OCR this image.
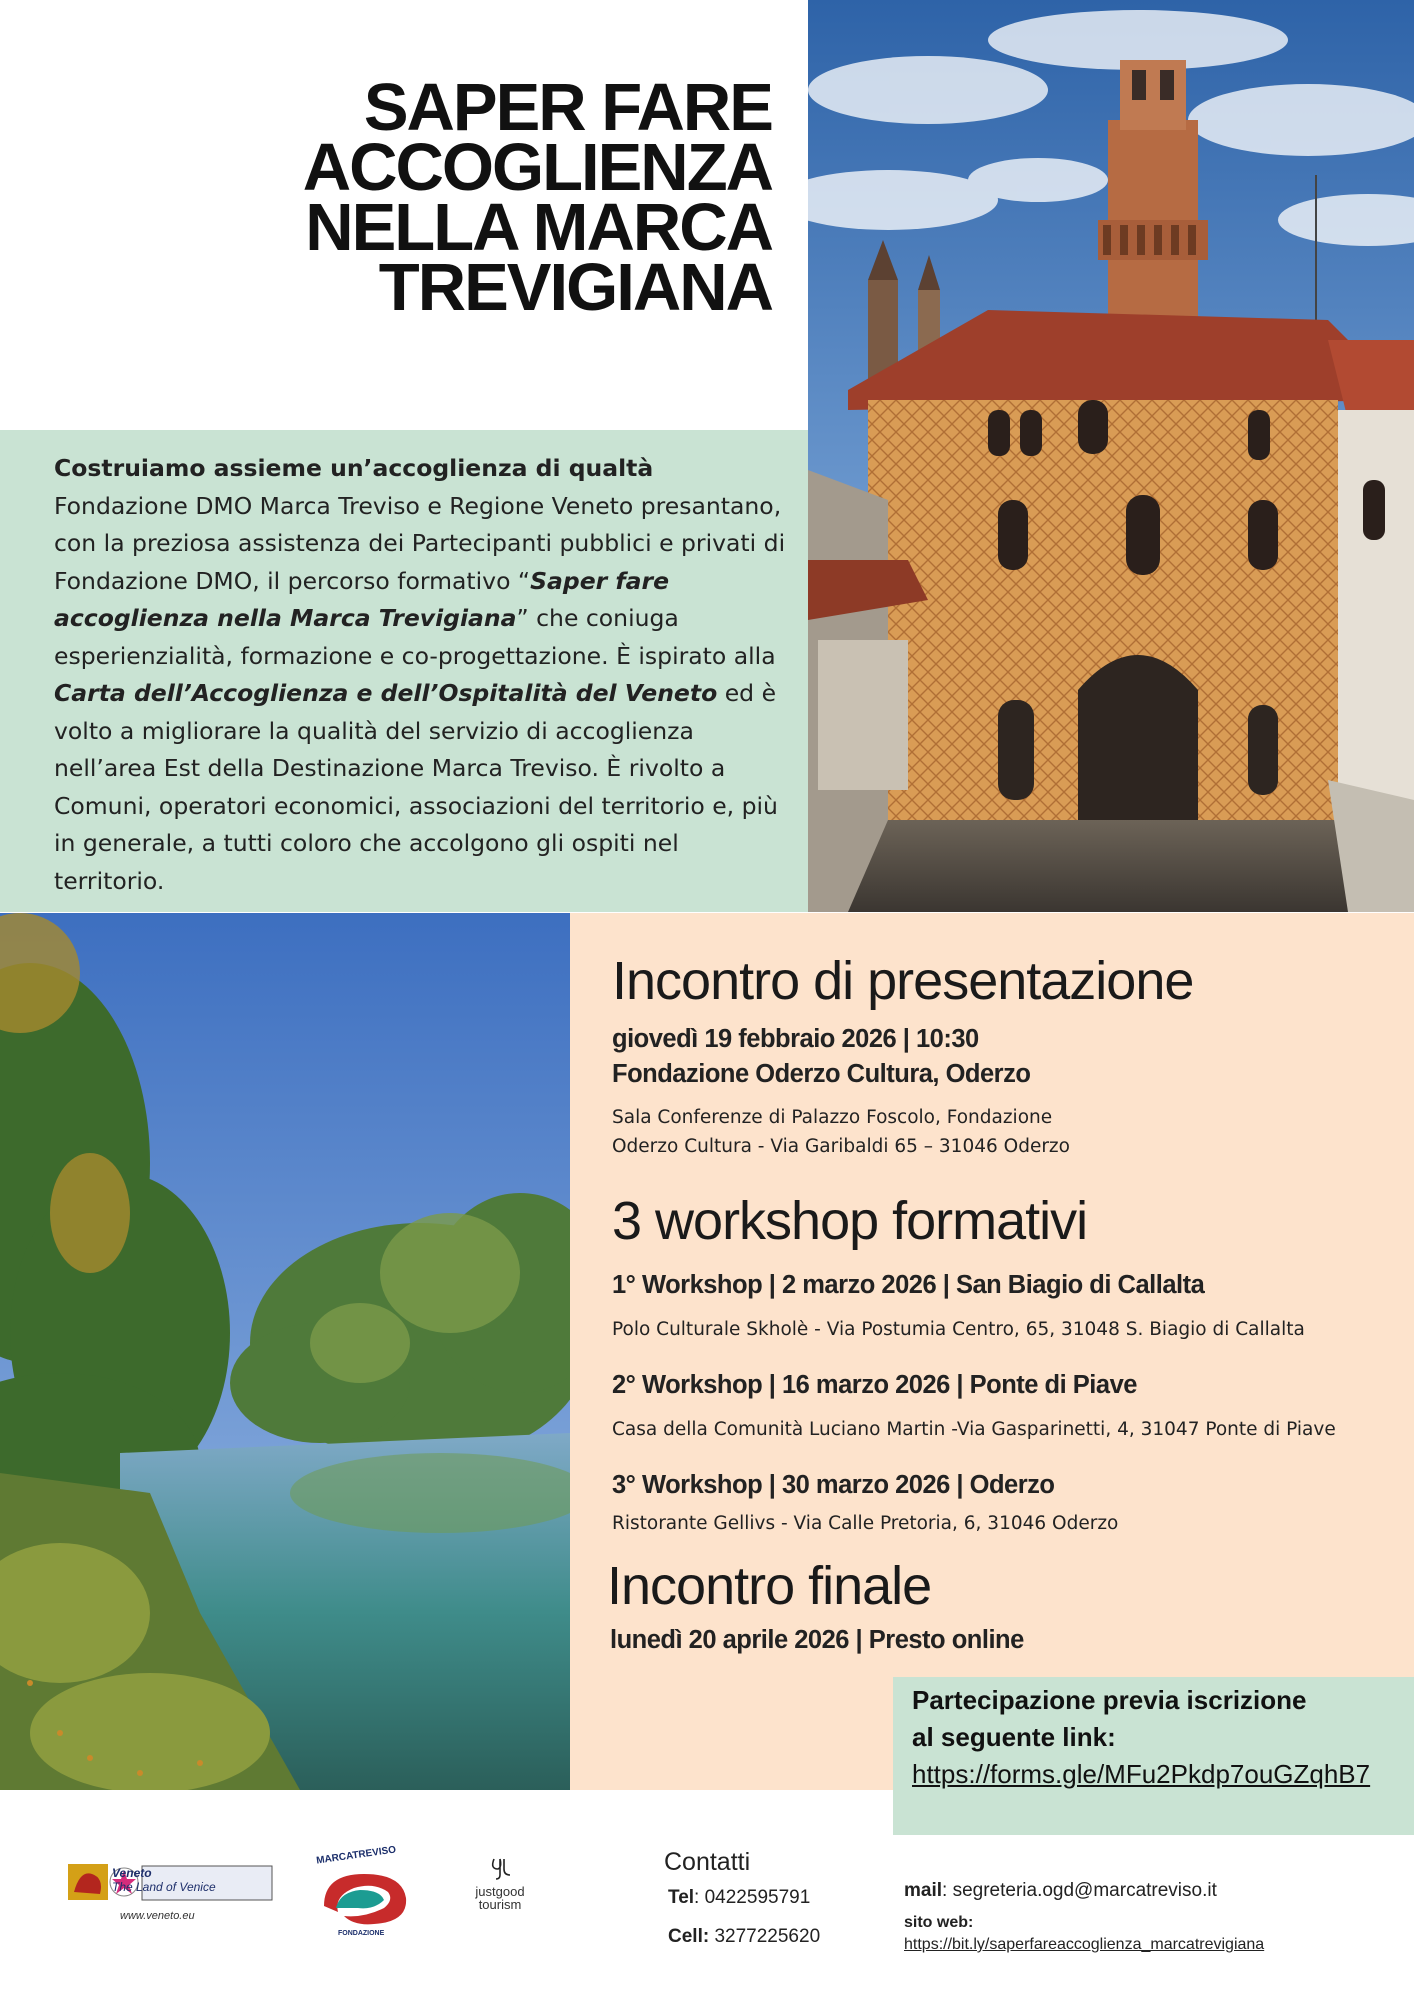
SAPER FARE
ACCOGLIENZA
NELLA MARCA
TREVIGIANA
Costruiamo assieme un’accoglienza di qualtà
Fondazione DMO Marca Treviso e Regione Veneto presantano, con la preziosa assistenza dei Partecipanti pubblici e privati di Fondazione DMO, il percorso formativo “Saper fare accoglienza nella Marca Trevigiana” che coniuga esperienzialità, formazione e co-progettazione. È ispirato alla Carta dell’Accoglienza e dell’Ospitalità del Veneto ed è volto a migliorare la qualità del servizio di accoglienza nell’area Est della Destinazione Marca Treviso. È rivolto a Comuni, operatori economici, associazioni del territorio e, più in generale, a tutti coloro che accolgono gli ospiti nel territorio.
Incontro di presentazione
giovedì 19 febbraio 2026 | 10:30
Fondazione Oderzo Cultura, Oderzo
Sala Conferenze di Palazzo Foscolo, Fondazione
Oderzo Cultura - Via Garibaldi 65 – 31046 Oderzo
3 workshop formativi
1° Workshop | 2 marzo 2026 | San Biagio di Callalta
Polo Culturale Skholè - Via Postumia Centro, 65, 31048 S. Biagio di Callalta
2° Workshop | 16 marzo 2026 | Ponte di Piave
Casa della Comunità Luciano Martin -Via Gasparinetti, 4, 31047 Ponte di Piave
3° Workshop | 30 marzo 2026 | Oderzo
Ristorante Gellivs - Via Calle Pretoria, 6, 31046 Oderzo
Incontro finale
lunedì 20 aprile 2026 | Presto online
Partecipazione previa iscrizione
al seguente link:
https://forms.gle/MFu2Pkdp7ouGZqhB7
Veneto
The Land of Venice
www.veneto.eu
MARCATREVISO
FONDAZIONE
justgood
tourism
Contatti
Tel: 0422595791
Cell: 3277225620
mail: segreteria.ogd@marcatreviso.it
sito web:
https://bit.ly/saperfareaccoglienza_marcatrevigiana
